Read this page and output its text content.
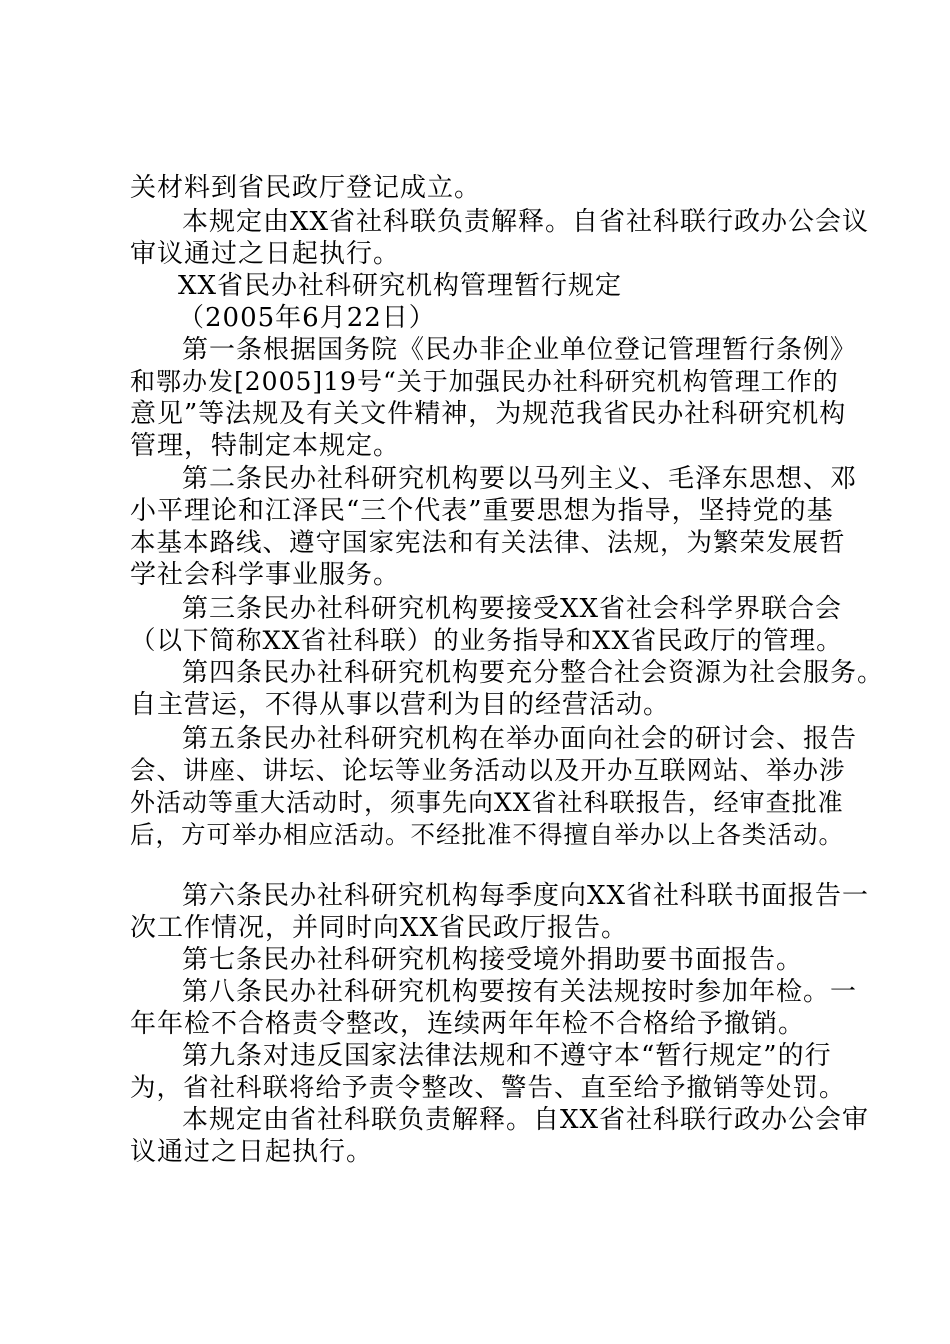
关材料到省民政厅登记成立。
本规定由XX省社科联负责解释。自省社科联行政办公会议
审议通过之日起执行。
XX省民办社科研究机构管理暂行规定
（2005年6月22日）
第一条根据国务院《民办非企业单位登记管理暂行条例》
和鄂办发[2005]19号“关于加强民办社科研究机构管理工作的
意见”等法规及有关文件精神，为规范我省民办社科研究机构
管理，特制定本规定。
第二条民办社科研究机构要以马列主义、毛泽东思想、邓
小平理论和江泽民“三个代表”重要思想为指导，坚持党的基
本基本路线、遵守国家宪法和有关法律、法规，为繁荣发展哲
学社会科学事业服务。
第三条民办社科研究机构要接受XX省社会科学界联合会
（以下简称XX省社科联）的业务指导和XX省民政厅的管理。
第四条民办社科研究机构要充分整合社会资源为社会服务。
自主营运，不得从事以营利为目的经营活动。
第五条民办社科研究机构在举办面向社会的研讨会、报告
会、讲座、讲坛、论坛等业务活动以及开办互联网站、举办涉
外活动等重大活动时，须事先向XX省社科联报告，经审查批准
后，方可举办相应活动。不经批准不得擅自举办以上各类活动。
第六条民办社科研究机构每季度向XX省社科联书面报告一
次工作情况，并同时向XX省民政厅报告。
第七条民办社科研究机构接受境外捐助要书面报告。
第八条民办社科研究机构要按有关法规按时参加年检。一
年年检不合格责令整改，连续两年年检不合格给予撤销。
第九条对违反国家法律法规和不遵守本“暂行规定”的行
为，省社科联将给予责令整改、警告、直至给予撤销等处罚。
本规定由省社科联负责解释。自XX省社科联行政办公会审
议通过之日起执行。
